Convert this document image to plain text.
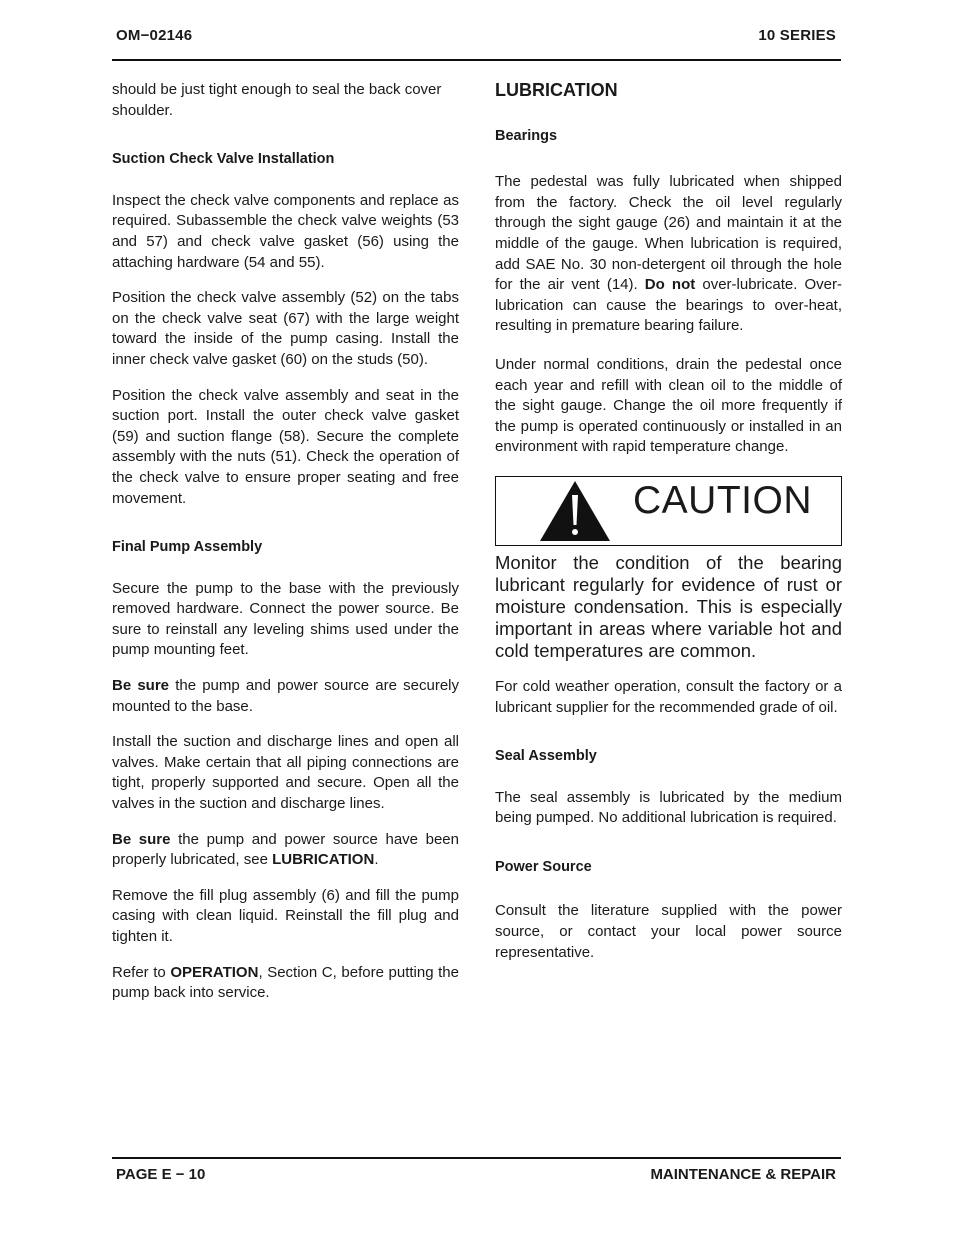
OM−02146	10 SERIES

should be just tight enough to seal the back cover shoulder.

Suction Check Valve Installation

Inspect the check valve components and replace as required. Subassemble the check valve weights (53 and 57) and check valve gasket (56) using the attaching hardware (54 and 55).

Position the check valve assembly (52) on the tabs on the check valve seat (67) with the large weight toward the inside of the pump casing. Install the inner check valve gasket (60) on the studs (50).

Position the check valve assembly and seat in the suction port. Install the outer check valve gasket (59) and suction flange (58). Secure the complete assembly with the nuts (51). Check the operation of the check valve to ensure proper seating and free movement.

Final Pump Assembly

Secure the pump to the base with the previously removed hardware. Connect the power source. Be sure to reinstall any leveling shims used under the pump mounting feet.

Be sure the pump and power source are securely mounted to the base.

Install the suction and discharge lines and open all valves. Make certain that all piping connections are tight, properly supported and secure. Open all the valves in the suction and discharge lines.

Be sure the pump and power source have been properly lubricated, see LUBRICATION.

Remove the fill plug assembly (6) and fill the pump casing with clean liquid. Reinstall the fill plug and tighten it.

Refer to OPERATION, Section C, before putting the pump back into service.

LUBRICATION
Bearings

The pedestal was fully lubricated when shipped from the factory. Check the oil level regularly through the sight gauge (26) and maintain it at the middle of the gauge. When lubrication is required, add SAE No. 30 non-detergent oil through the hole for the air vent (14). Do not over-lubricate. Over-lubrication can cause the bearings to over-heat, resulting in premature bearing failure.

Under normal conditions, drain the pedestal once each year and refill with clean oil to the middle of the sight gauge. Change the oil more frequently if the pump is operated continuously or installed in an environment with rapid temperature change.

CAUTION

Monitor the condition of the bearing lubricant regularly for evidence of rust or moisture condensation. This is especially important in areas where variable hot and cold temperatures are common.

For cold weather operation, consult the factory or a lubricant supplier for the recommended grade of oil.

Seal Assembly

The seal assembly is lubricated by the medium being pumped. No additional lubrication is required.

Power Source

Consult the literature supplied with the power source, or contact your local power source representative.

PAGE E − 10	MAINTENANCE & REPAIR
